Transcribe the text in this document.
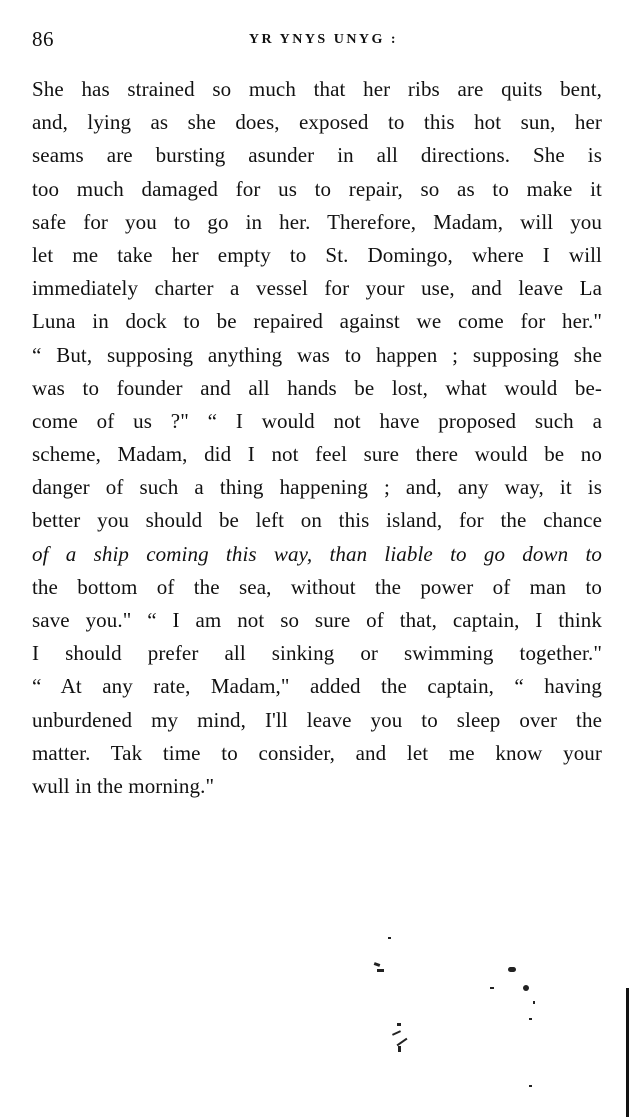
86	YR YNYS UNYG :
She has strained so much that her ribs are quits bent,
and, lying as she does, exposed to this hot sun, her
seams are bursting asunder in all directions. She is
too much damaged for us to repair, so as to make it
safe for you to go in her. Therefore, Madam, will you
let me take her empty to St. Domingo, where I will
immediately charter a vessel for your use, and leave La
Luna in dock to be repaired against we come for her."
“ But, supposing anything was to happen ; supposing she
was to founder and all hands be lost, what would be-
come of us ?" “ I would not have proposed such a
scheme, Madam, did I not feel sure there would be no
danger of such a thing happening ; and, any way, it is
better you should be left on this island, for the chance
of a ship coming this way, than liable to go down to
the bottom of the sea, without the power of man to
save you." “ I am not so sure of that, captain, I think
I should prefer all sinking or swimming together."
“ At any rate, Madam," added the captain, “ having
unburdened my mind, I'll leave you to sleep over the
matter. Tak time to consider, and let me know your
wull in the morning."
